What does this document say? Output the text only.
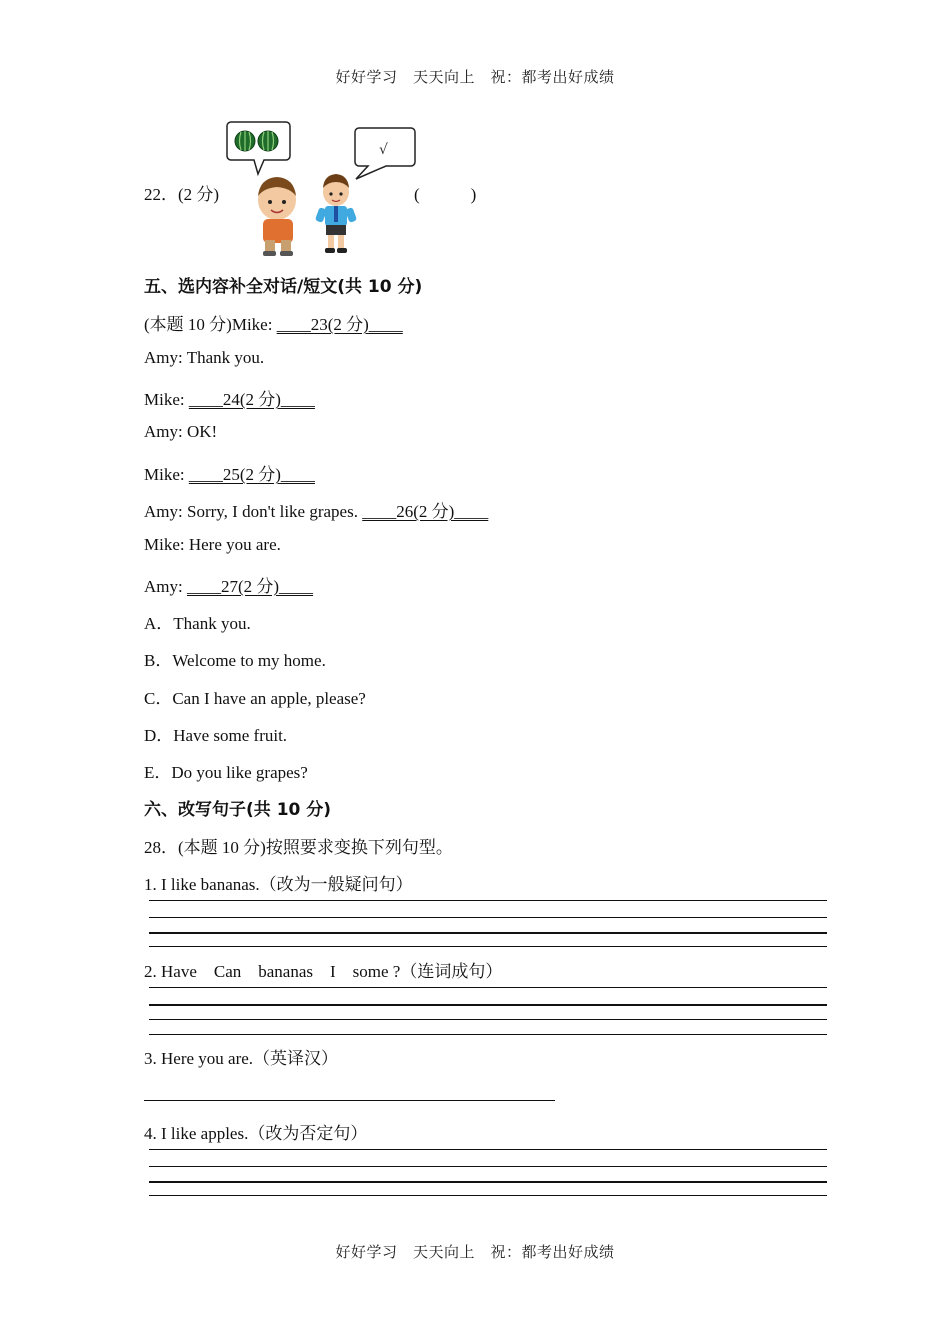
好好学习　天天向上　祝：都考出好成绩
22．(2 分)
√
(　　　)
五、选内容补全对话/短文(共 10 分)
(本题 10 分)Mike: ____23(2 分)____
Amy: Thank you.
Mike: ____24(2 分)____
Amy: OK!
Mike: ____25(2 分)____
Amy: Sorry, I don't like grapes. ____26(2 分)____
Mike: Here you are.
Amy: ____27(2 分)____
A．Thank you.
B．Welcome to my home.
C．Can I have an apple, please?
D．Have some fruit.
E．Do you like grapes?
六、改写句子(共 10 分)
28．(本题 10 分)按照要求变换下列句型。
1. I like bananas.（改为一般疑问句）
2. Have　Can　bananas　I　some ?（连词成句）
3. Here you are.（英译汉）
4. I like apples.（改为否定句）
好好学习　天天向上　祝：都考出好成绩
